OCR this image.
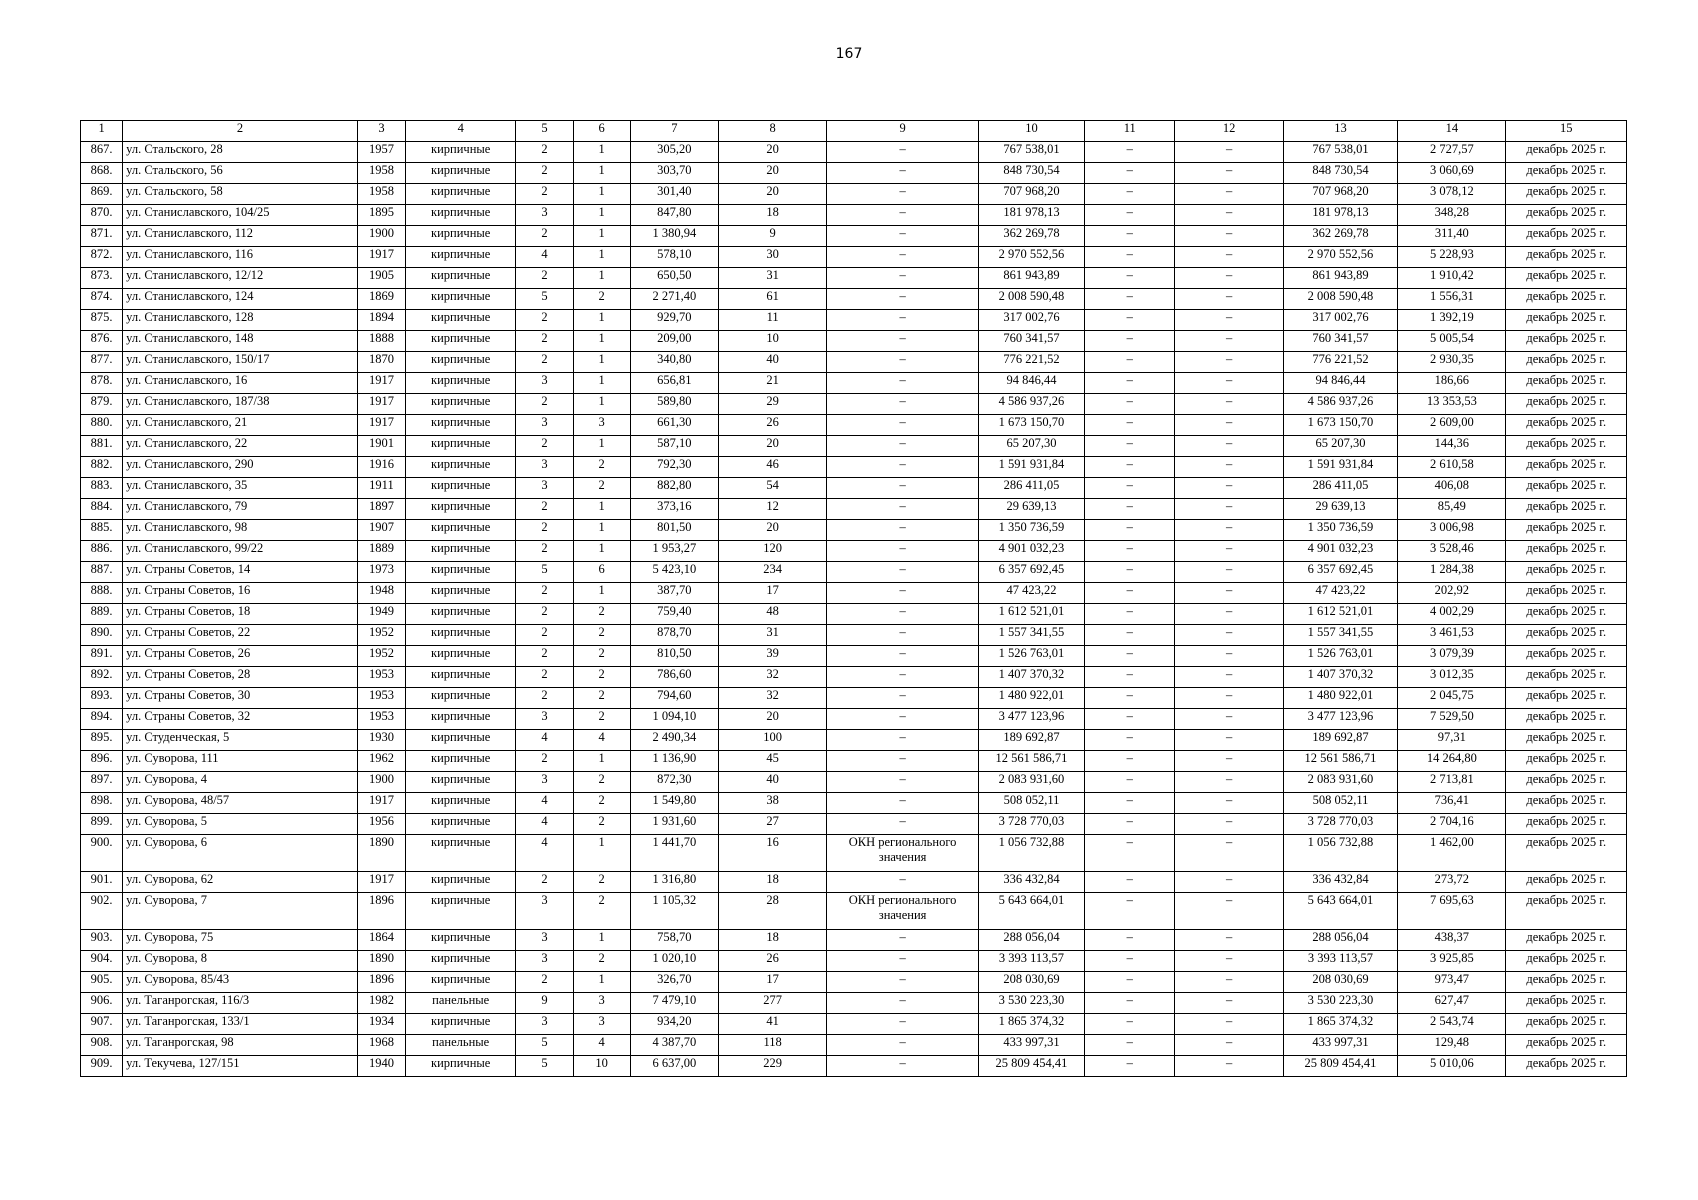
167
1	2	3	4	5	6	7	8	9	10	11	12	13	14	15
867.	ул. Стальского, 28	1957	кирпичные	2	1	305,20	20	–	767 538,01	–	–	767 538,01	2 727,57	декабрь 2025 г.
868.	ул. Стальского, 56	1958	кирпичные	2	1	303,70	20	–	848 730,54	–	–	848 730,54	3 060,69	декабрь 2025 г.
869.	ул. Стальского, 58	1958	кирпичные	2	1	301,40	20	–	707 968,20	–	–	707 968,20	3 078,12	декабрь 2025 г.
870.	ул. Станиславского, 104/25	1895	кирпичные	3	1	847,80	18	–	181 978,13	–	–	181 978,13	348,28	декабрь 2025 г.
871.	ул. Станиславского, 112	1900	кирпичные	2	1	1 380,94	9	–	362 269,78	–	–	362 269,78	311,40	декабрь 2025 г.
872.	ул. Станиславского, 116	1917	кирпичные	4	1	578,10	30	–	2 970 552,56	–	–	2 970 552,56	5 228,93	декабрь 2025 г.
873.	ул. Станиславского, 12/12	1905	кирпичные	2	1	650,50	31	–	861 943,89	–	–	861 943,89	1 910,42	декабрь 2025 г.
874.	ул. Станиславского, 124	1869	кирпичные	5	2	2 271,40	61	–	2 008 590,48	–	–	2 008 590,48	1 556,31	декабрь 2025 г.
875.	ул. Станиславского, 128	1894	кирпичные	2	1	929,70	11	–	317 002,76	–	–	317 002,76	1 392,19	декабрь 2025 г.
876.	ул. Станиславского, 148	1888	кирпичные	2	1	209,00	10	–	760 341,57	–	–	760 341,57	5 005,54	декабрь 2025 г.
877.	ул. Станиславского, 150/17	1870	кирпичные	2	1	340,80	40	–	776 221,52	–	–	776 221,52	2 930,35	декабрь 2025 г.
878.	ул. Станиславского, 16	1917	кирпичные	3	1	656,81	21	–	94 846,44	–	–	94 846,44	186,66	декабрь 2025 г.
879.	ул. Станиславского, 187/38	1917	кирпичные	2	1	589,80	29	–	4 586 937,26	–	–	4 586 937,26	13 353,53	декабрь 2025 г.
880.	ул. Станиславского, 21	1917	кирпичные	3	3	661,30	26	–	1 673 150,70	–	–	1 673 150,70	2 609,00	декабрь 2025 г.
881.	ул. Станиславского, 22	1901	кирпичные	2	1	587,10	20	–	65 207,30	–	–	65 207,30	144,36	декабрь 2025 г.
882.	ул. Станиславского, 290	1916	кирпичные	3	2	792,30	46	–	1 591 931,84	–	–	1 591 931,84	2 610,58	декабрь 2025 г.
883.	ул. Станиславского, 35	1911	кирпичные	3	2	882,80	54	–	286 411,05	–	–	286 411,05	406,08	декабрь 2025 г.
884.	ул. Станиславского, 79	1897	кирпичные	2	1	373,16	12	–	29 639,13	–	–	29 639,13	85,49	декабрь 2025 г.
885.	ул. Станиславского, 98	1907	кирпичные	2	1	801,50	20	–	1 350 736,59	–	–	1 350 736,59	3 006,98	декабрь 2025 г.
886.	ул. Станиславского, 99/22	1889	кирпичные	2	1	1 953,27	120	–	4 901 032,23	–	–	4 901 032,23	3 528,46	декабрь 2025 г.
887.	ул. Страны Советов, 14	1973	кирпичные	5	6	5 423,10	234	–	6 357 692,45	–	–	6 357 692,45	1 284,38	декабрь 2025 г.
888.	ул. Страны Советов, 16	1948	кирпичные	2	1	387,70	17	–	47 423,22	–	–	47 423,22	202,92	декабрь 2025 г.
889.	ул. Страны Советов, 18	1949	кирпичные	2	2	759,40	48	–	1 612 521,01	–	–	1 612 521,01	4 002,29	декабрь 2025 г.
890.	ул. Страны Советов, 22	1952	кирпичные	2	2	878,70	31	–	1 557 341,55	–	–	1 557 341,55	3 461,53	декабрь 2025 г.
891.	ул. Страны Советов, 26	1952	кирпичные	2	2	810,50	39	–	1 526 763,01	–	–	1 526 763,01	3 079,39	декабрь 2025 г.
892.	ул. Страны Советов, 28	1953	кирпичные	2	2	786,60	32	–	1 407 370,32	–	–	1 407 370,32	3 012,35	декабрь 2025 г.
893.	ул. Страны Советов, 30	1953	кирпичные	2	2	794,60	32	–	1 480 922,01	–	–	1 480 922,01	2 045,75	декабрь 2025 г.
894.	ул. Страны Советов, 32	1953	кирпичные	3	2	1 094,10	20	–	3 477 123,96	–	–	3 477 123,96	7 529,50	декабрь 2025 г.
895.	ул. Студенческая, 5	1930	кирпичные	4	4	2 490,34	100	–	189 692,87	–	–	189 692,87	97,31	декабрь 2025 г.
896.	ул. Суворова, 111	1962	кирпичные	2	1	1 136,90	45	–	12 561 586,71	–	–	12 561 586,71	14 264,80	декабрь 2025 г.
897.	ул. Суворова, 4	1900	кирпичные	3	2	872,30	40	–	2 083 931,60	–	–	2 083 931,60	2 713,81	декабрь 2025 г.
898.	ул. Суворова, 48/57	1917	кирпичные	4	2	1 549,80	38	–	508 052,11	–	–	508 052,11	736,41	декабрь 2025 г.
899.	ул. Суворова, 5	1956	кирпичные	4	2	1 931,60	27	–	3 728 770,03	–	–	3 728 770,03	2 704,16	декабрь 2025 г.
900.	ул. Суворова, 6	1890	кирпичные	4	1	1 441,70	16	ОКН регионального значения	1 056 732,88	–	–	1 056 732,88	1 462,00	декабрь 2025 г.
901.	ул. Суворова, 62	1917	кирпичные	2	2	1 316,80	18	–	336 432,84	–	–	336 432,84	273,72	декабрь 2025 г.
902.	ул. Суворова, 7	1896	кирпичные	3	2	1 105,32	28	ОКН регионального значения	5 643 664,01	–	–	5 643 664,01	7 695,63	декабрь 2025 г.
903.	ул. Суворова, 75	1864	кирпичные	3	1	758,70	18	–	288 056,04	–	–	288 056,04	438,37	декабрь 2025 г.
904.	ул. Суворова, 8	1890	кирпичные	3	2	1 020,10	26	–	3 393 113,57	–	–	3 393 113,57	3 925,85	декабрь 2025 г.
905.	ул. Суворова, 85/43	1896	кирпичные	2	1	326,70	17	–	208 030,69	–	–	208 030,69	973,47	декабрь 2025 г.
906.	ул. Таганрогская, 116/3	1982	панельные	9	3	7 479,10	277	–	3 530 223,30	–	–	3 530 223,30	627,47	декабрь 2025 г.
907.	ул. Таганрогская, 133/1	1934	кирпичные	3	3	934,20	41	–	1 865 374,32	–	–	1 865 374,32	2 543,74	декабрь 2025 г.
908.	ул. Таганрогская, 98	1968	панельные	5	4	4 387,70	118	–	433 997,31	–	–	433 997,31	129,48	декабрь 2025 г.
909.	ул. Текучева, 127/151	1940	кирпичные	5	10	6 637,00	229	–	25 809 454,41	–	–	25 809 454,41	5 010,06	декабрь 2025 г.
